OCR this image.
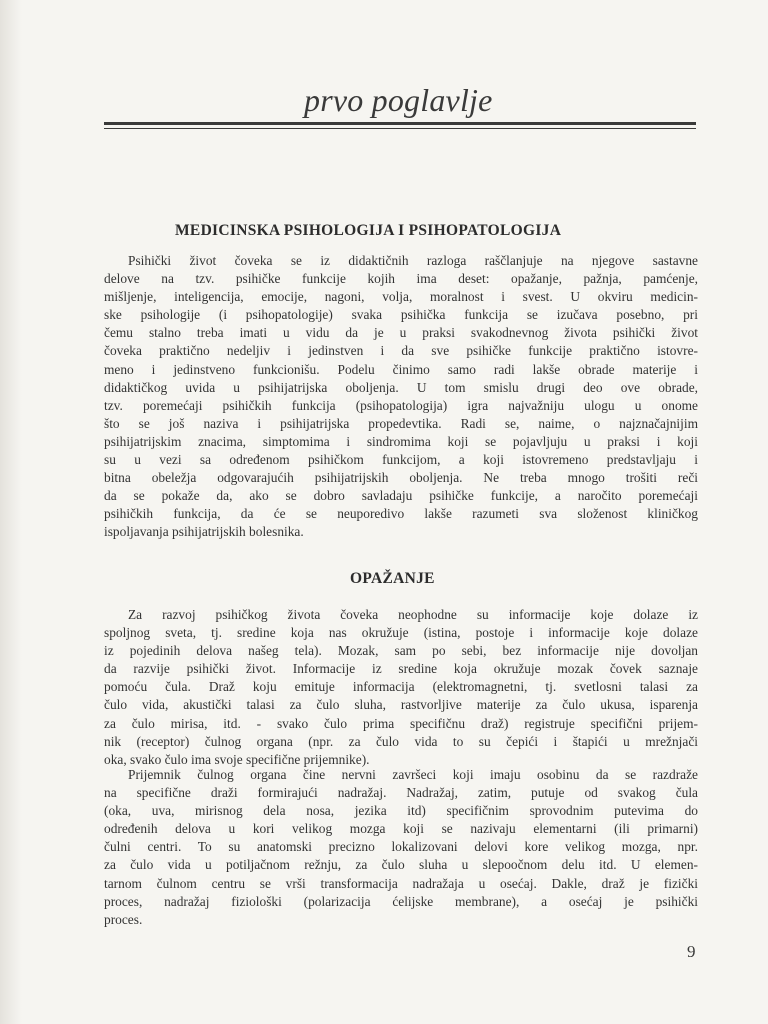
prvo poglavlje
MEDICINSKA PSIHOLOGIJA I PSIHOPATOLOGIJA
Psihički život čoveka se iz didaktičnih razloga raščlanjuje na njegove sastavne
delove na tzv. psihičke funkcije kojih ima deset: opažanje, pažnja, pamćenje,
mišljenje, inteligencija, emocije, nagoni, volja, moralnost i svest. U okviru medicin-
ske psihologije (i psihopatologije) svaka psihička funkcija se izučava posebno, pri
čemu stalno treba imati u vidu da je u praksi svakodnevnog života psihički život
čoveka praktično nedeljiv i jedinstven i da sve psihičke funkcije praktično istovre-
meno i jedinstveno funkcionišu. Podelu činimo samo radi lakše obrade materije i
didaktičkog uvida u psihijatrijska oboljenja. U tom smislu drugi deo ove obrade,
tzv. poremećaji psihičkih funkcija (psihopatologija) igra najvažniju ulogu u onome
što se još naziva i psihijatrijska propedevtika. Radi se, naime, o najznačajnijim
psihijatrijskim znacima, simptomima i sindromima koji se pojavljuju u praksi i koji
su u vezi sa određenom psihičkom funkcijom, a koji istovremeno predstavljaju i
bitna obeležja odgovarajućih psihijatrijskih oboljenja. Ne treba mnogo trošiti reči
da se pokaže da, ako se dobro savladaju psihičke funkcije, a naročito poremećaji
psihičkih funkcija, da će se neuporedivo lakše razumeti sva složenost kliničkog
ispoljavanja psihijatrijskih bolesnika.
OPAŽANJE
Za razvoj psihičkog života čoveka neophodne su informacije koje dolaze iz
spoljnog sveta, tj. sredine koja nas okružuje (istina, postoje i informacije koje dolaze
iz pojedinih delova našeg tela). Mozak, sam po sebi, bez informacije nije dovoljan
da razvije psihički život. Informacije iz sredine koja okružuje mozak čovek saznaje
pomoću čula. Draž koju emituje informacija (elektromagnetni, tj. svetlosni talasi za
čulo vida, akustički talasi za čulo sluha, rastvorljive materije za čulo ukusa, isparenja
za čulo mirisa, itd. - svako čulo prima specifičnu draž) registruje specifični prijem-
nik (receptor) čulnog organa (npr. za čulo vida to su čepići i štapići u mrežnjači
oka, svako čulo ima svoje specifične prijemnike).
Prijemnik čulnog organa čine nervni završeci koji imaju osobinu da se razdraže
na specifične draži formirajući nadražaj. Nadražaj, zatim, putuje od svakog čula
(oka, uva, mirisnog dela nosa, jezika itd) specifičnim sprovodnim putevima do
određenih delova u kori velikog mozga koji se nazivaju elementarni (ili primarni)
čulni centri. To su anatomski precizno lokalizovani delovi kore velikog mozga, npr.
za čulo vida u potiljačnom režnju, za čulo sluha u slepoočnom delu itd. U elemen-
tarnom čulnom centru se vrši transformacija nadražaja u osećaj. Dakle, draž je fizički
proces, nadražaj fiziološki (polarizacija ćelijske membrane), a osećaj je psihički
proces.
9
